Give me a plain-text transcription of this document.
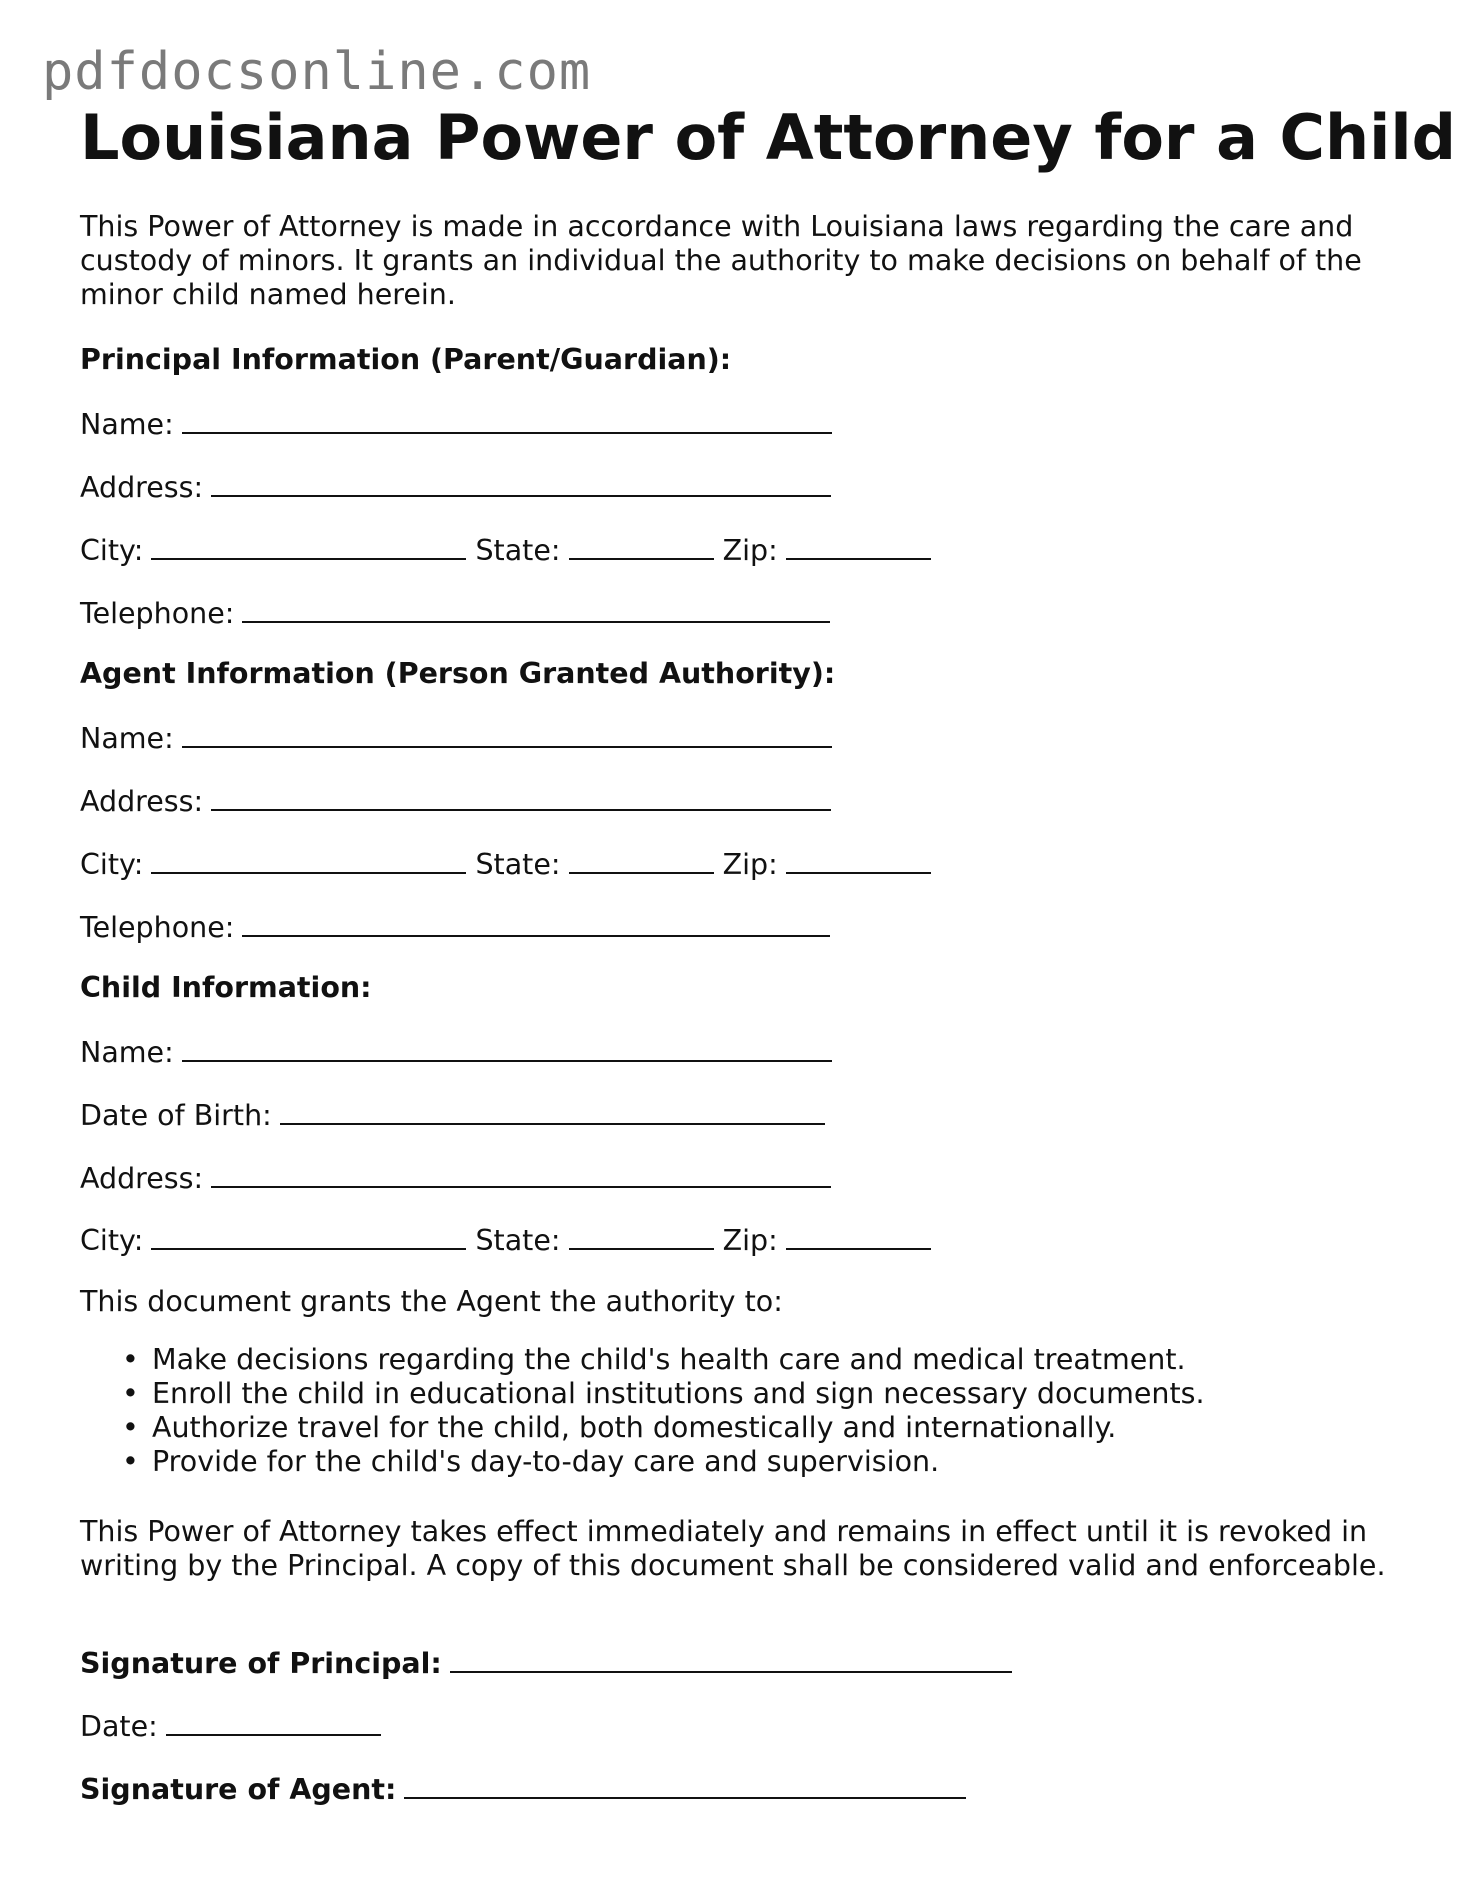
pdfdocsonline.com
Louisiana Power of Attorney for a Child

This Power of Attorney is made in accordance with Louisiana laws regarding the care and custody of minors. It grants an individual the authority to make decisions on behalf of the minor child named herein.

Principal Information (Parent/Guardian):
Name:
Address:
City:	State:	Zip:
Telephone:
Agent Information (Person Granted Authority):
Name:
Address:
City:	State:	Zip:
Telephone:
Child Information:
Name:
Date of Birth:
Address:
City:	State:	Zip:
This document grants the Agent the authority to:
• Make decisions regarding the child's health care and medical treatment.
• Enroll the child in educational institutions and sign necessary documents.
• Authorize travel for the child, both domestically and internationally.
• Provide for the child's day-to-day care and supervision.

This Power of Attorney takes effect immediately and remains in effect until it is revoked in writing by the Principal. A copy of this document shall be considered valid and enforceable.

Signature of Principal:
Date:
Signature of Agent:
